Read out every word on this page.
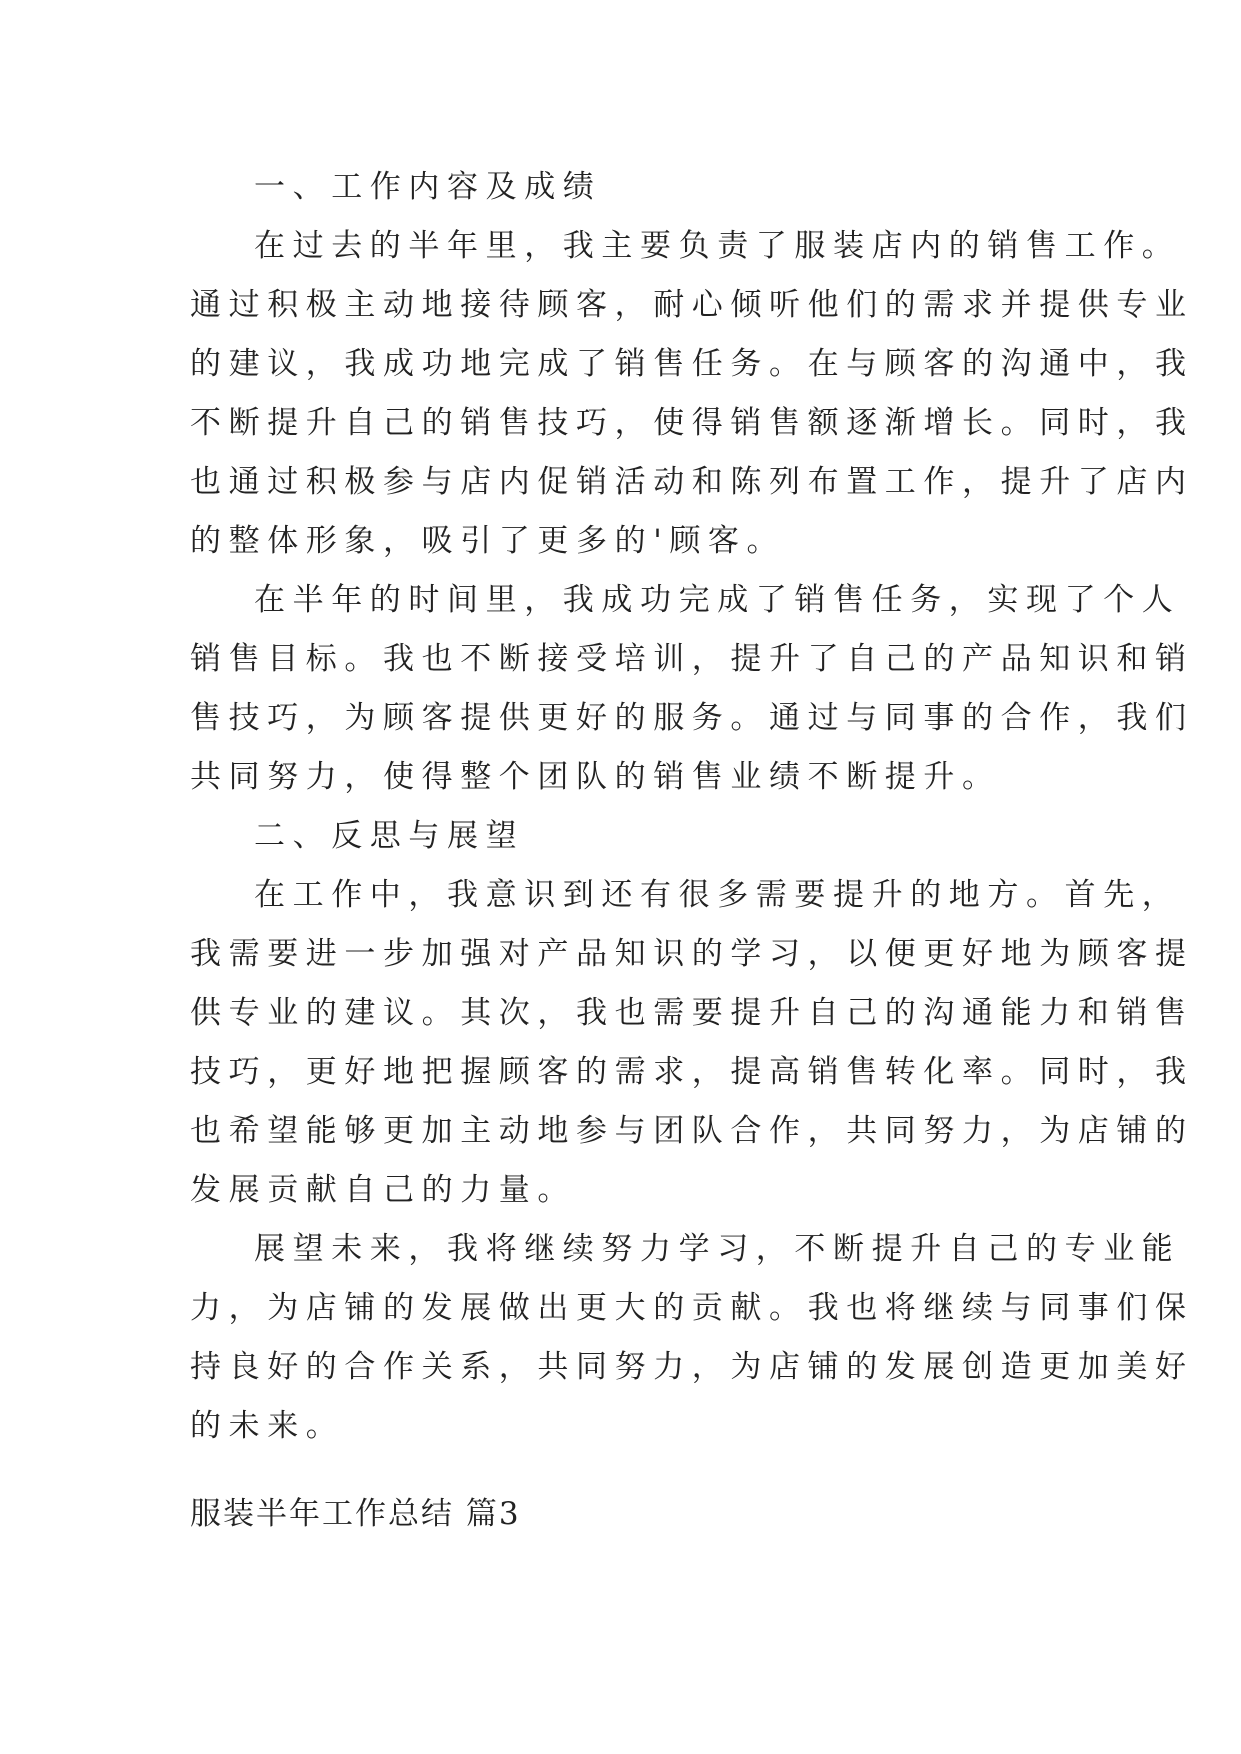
一、工作内容及成绩
在过去的半年里，我主要负责了服装店内的销售工作。
通过积极主动地接待顾客，耐心倾听他们的需求并提供专业
的建议，我成功地完成了销售任务。在与顾客的沟通中，我
不断提升自己的销售技巧，使得销售额逐渐增长。同时，我
也通过积极参与店内促销活动和陈列布置工作，提升了店内
的整体形象，吸引了更多的'顾客。
在半年的时间里，我成功完成了销售任务，实现了个人
销售目标。我也不断接受培训，提升了自己的产品知识和销
售技巧，为顾客提供更好的服务。通过与同事的合作，我们
共同努力，使得整个团队的销售业绩不断提升。
二、反思与展望
在工作中，我意识到还有很多需要提升的地方。首先，
我需要进一步加强对产品知识的学习，以便更好地为顾客提
供专业的建议。其次，我也需要提升自己的沟通能力和销售
技巧，更好地把握顾客的需求，提高销售转化率。同时，我
也希望能够更加主动地参与团队合作，共同努力，为店铺的
发展贡献自己的力量。
展望未来，我将继续努力学习，不断提升自己的专业能
力，为店铺的发展做出更大的贡献。我也将继续与同事们保
持良好的合作关系，共同努力，为店铺的发展创造更加美好
的未来。
服装半年工作总结 篇3
